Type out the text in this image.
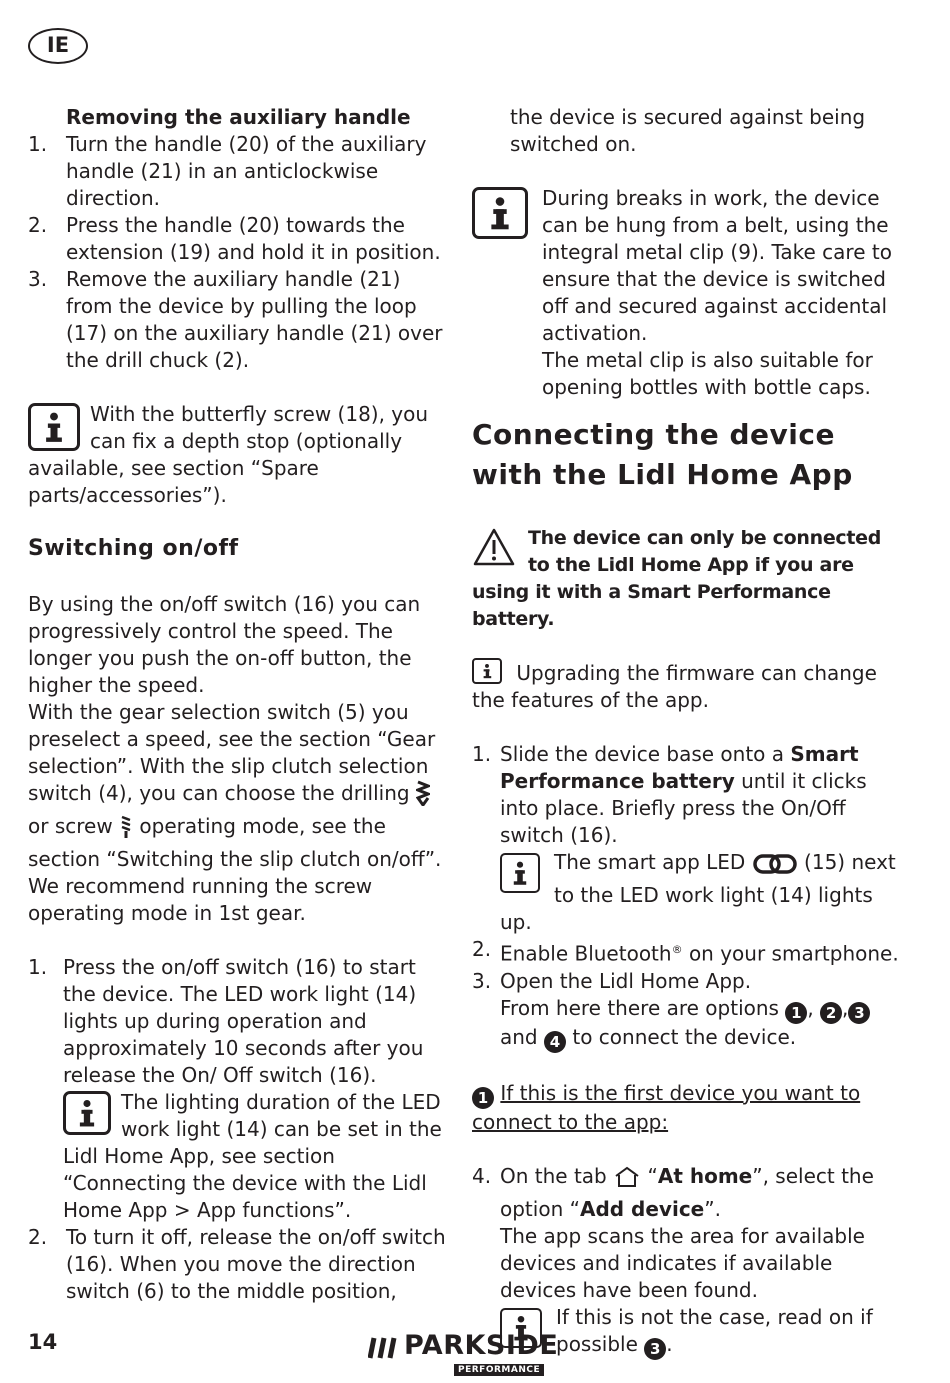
IE
Removing the auxiliary handle
1. Turn the handle (20) of the auxiliary handle (21) in an anticlockwise direction.
2. Press the handle (20) towards the extension (19) and hold it in position.
3. Remove the auxiliary handle (21) from the device by pulling the loop (17) on the auxiliary handle (21) over the drill chuck (2).
With the butterfly screw (18), you can fix a depth stop (optionally available, see section “Spare parts/accessories”).
Switching on/off

By using the on/off switch (16) you can progressively control the speed. The longer you push the on-off button, the higher the speed.

With the gear selection switch (5) you preselect a speed, see the section “Gear selection”. With the slip clutch selection switch (4), you can choose the drilling  or screw operating mode, see the section “Switching the slip clutch on/off”. We recommend running the screw operating mode in 1st gear.

1. Press the on/off switch (16) to start the device. The LED work light (14) lights up during operation and approximately 10 seconds after you release the On/ Off switch (16).
The lighting duration of the LED work light (14) can be set in the Lidl Home App, see section “Connecting the device with the Lidl Home App > App functions”.
2. To turn it off, release the on/off switch (16). When you move the direction switch (6) to the middle position,

the device is secured against being switched on.

During breaks in work, the device can be hung from a belt, using the integral metal clip (9). Take care to ensure that the device is switched off and secured against accidental activation.
The metal clip is also suitable for opening bottles with bottle caps.
Connecting the device
with the Lidl Home App
The device can only be connected to the Lidl Home App if you are using it with a Smart Performance battery.
Upgrading the firmware can change the features of the app.
1. Slide the device base onto a Smart Performance battery until it clicks into place. Briefly press the On/Off switch (16).
The smart app LED	(15) next to the LED work light (14) lights up.
2. Enable Bluetooth® on your smartphone.
3. Open the Lidl Home App.
From here there are options 1 , 2 , 3 and 4 to connect the device.
1 If this is the first device you want to connect to the app:
4. On the tab “At home”, select the option “Add device”.
The app scans the area for available devices and indicates if available devices have been found.
If this is not the case, read on if possible 3 .
14	PARKSIDE
PERFORMANCE
